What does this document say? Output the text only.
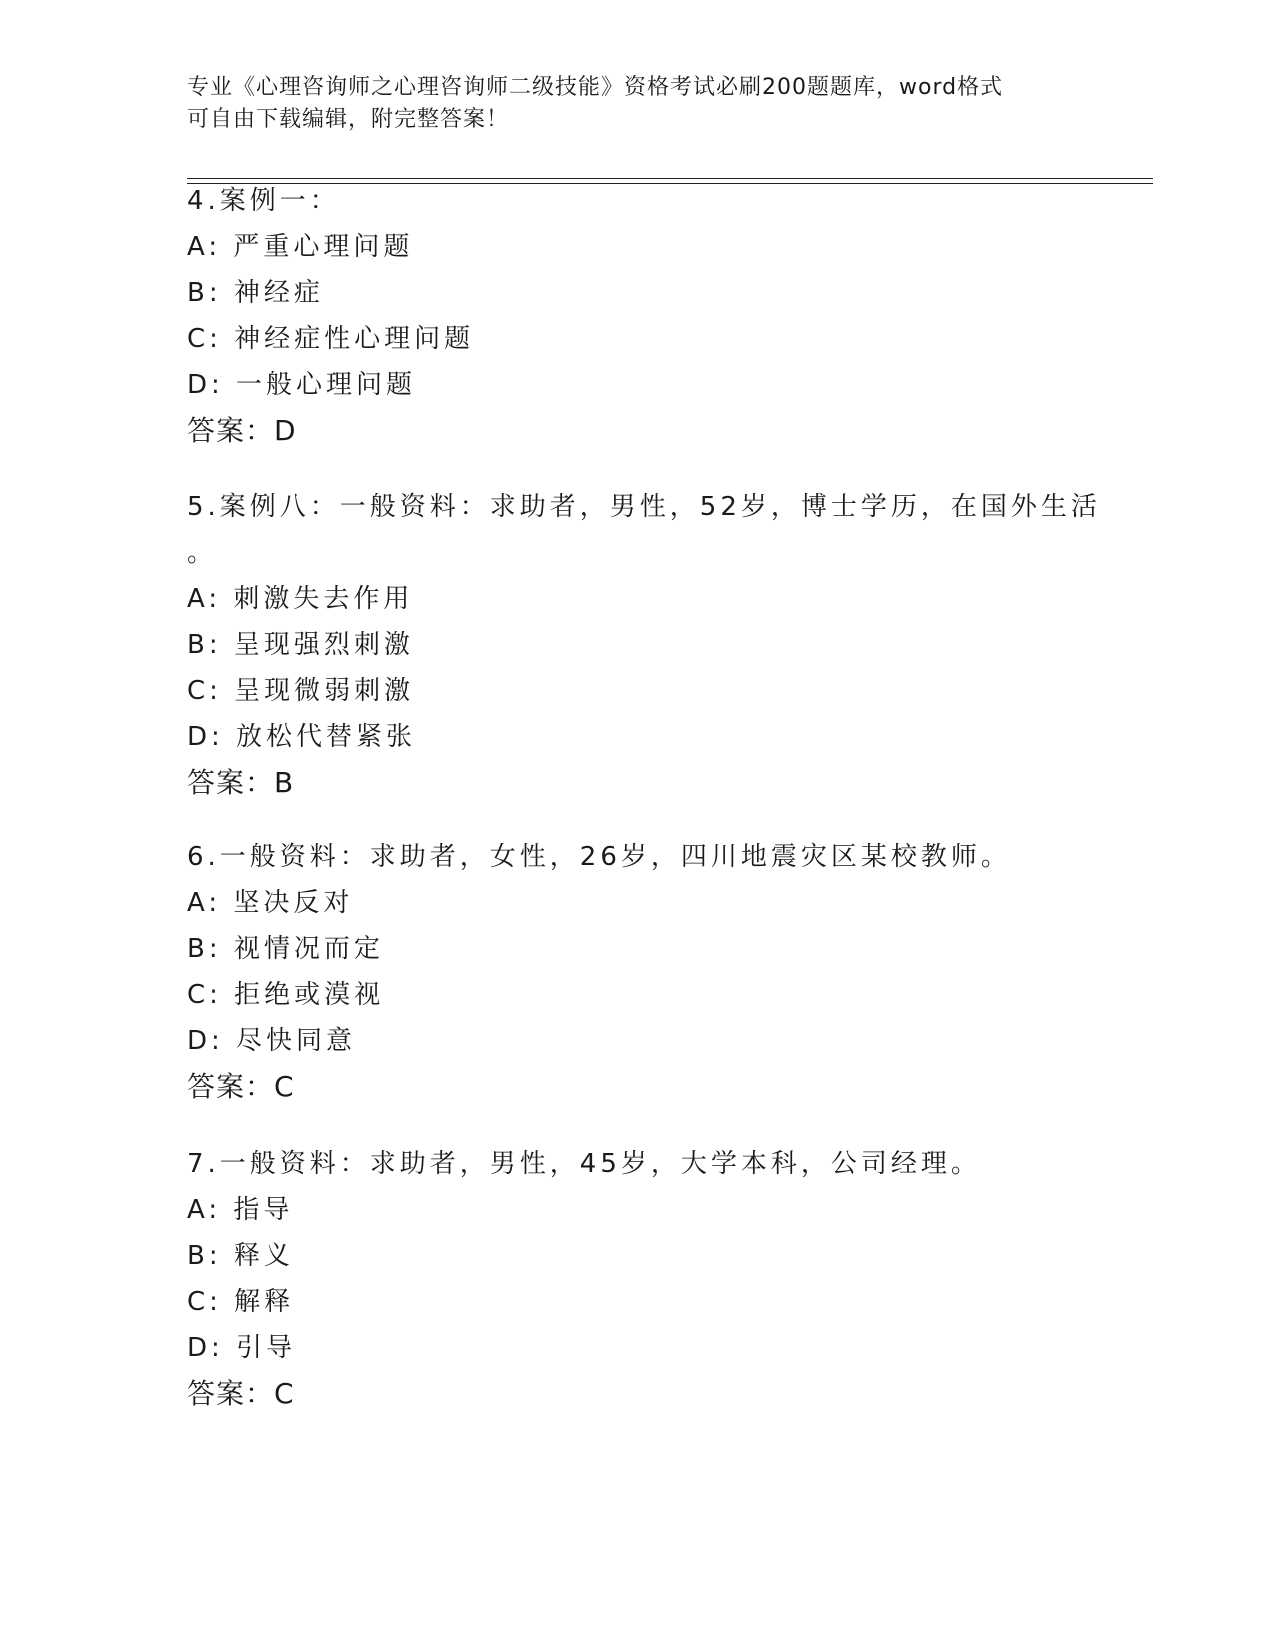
专业《心理咨询师之心理咨询师二级技能》资格考试必刷200题题库，word格式
可自由下载编辑，附完整答案！
4.案例一：
A: 严重心理问题
B: 神经症
C: 神经症性心理问题
D: 一般心理问题
答案：D
5.案例八：一般资料：求助者，男性，52岁，博士学历，在国外生活
。
A: 刺激失去作用
B: 呈现强烈刺激
C: 呈现微弱刺激
D: 放松代替紧张
答案：B
6.一般资料：求助者，女性，26岁，四川地震灾区某校教师。
A: 坚决反对
B: 视情况而定
C: 拒绝或漠视
D: 尽快同意
答案：C
7.一般资料：求助者，男性，45岁，大学本科，公司经理。
A: 指导
B: 释义
C: 解释
D: 引导
答案：C
